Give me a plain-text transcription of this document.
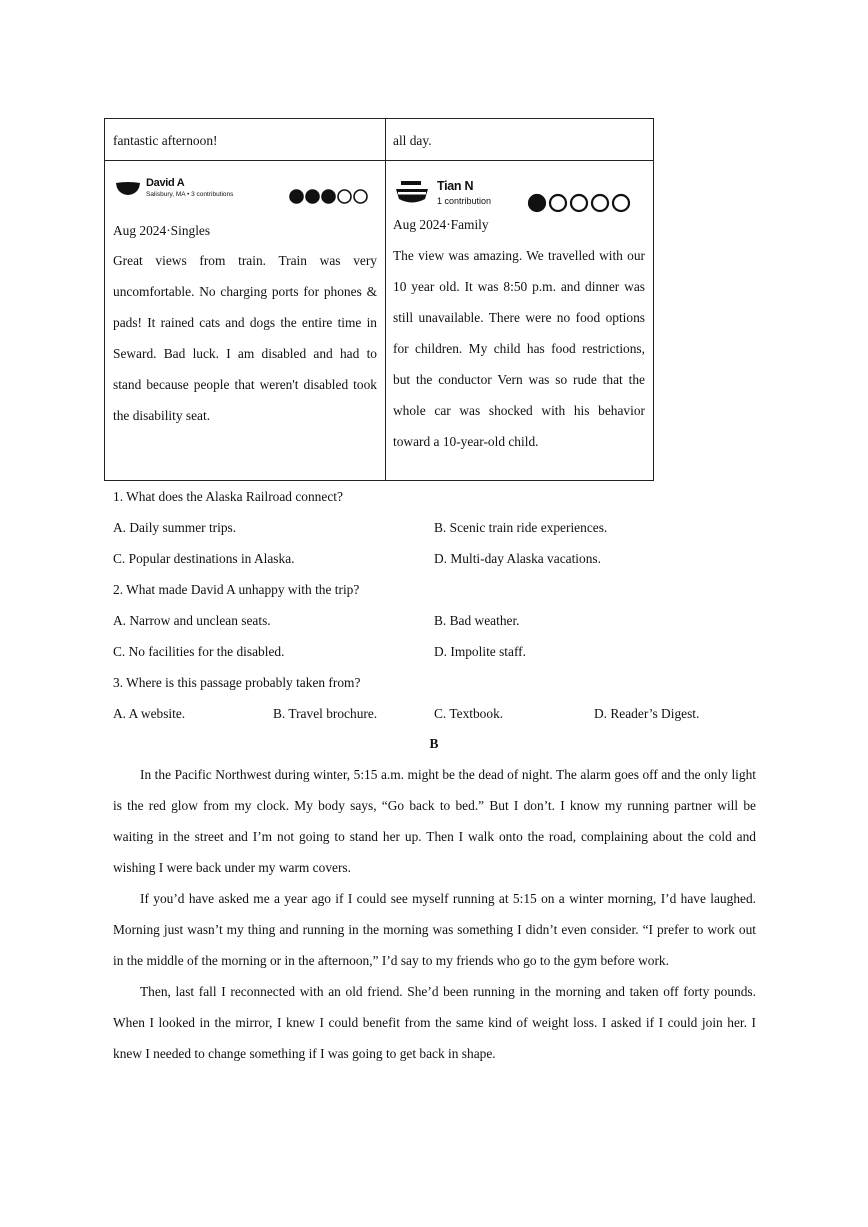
fantastic afternoon!	all day.
David A
Salisbury, MA • 3 contributions
Aug 2024·Singles

Great views from train. Train was very uncomfortable. No charging ports for phones & pads! It rained cats and dogs the entire time in Seward. Bad luck. I am disabled and had to stand because people that weren't disabled took the disability seat.

Tian N
1 contribution
Aug 2024·Family

The view was amazing. We travelled with our 10 year old. It was 8:50 p.m. and dinner was still unavailable. There were no food options for children. My child has food restrictions, but the conductor Vern was so rude that the whole car was shocked with his behavior toward a 10-year-old child.

1. What does the Alaska Railroad connect?
A. Daily summer trips.	B. Scenic train ride experiences.
C. Popular destinations in Alaska.	D. Multi-day Alaska vacations.
2. What made David A unhappy with the trip?
A. Narrow and unclean seats.	B. Bad weather.
C. No facilities for the disabled.	D. Impolite staff.
3. Where is this passage probably taken from?
A. A website.	B. Travel brochure.	C. Textbook.	D. Reader’s Digest.
B

In the Pacific Northwest during winter, 5:15 a.m. might be the dead of night. The alarm goes off and the only light is the red glow from my clock. My body says, “Go back to bed.” But I don’t. I know my running partner will be waiting in the street and I’m not going to stand her up. Then I walk onto the road, complaining about the cold and wishing I were back under my warm covers.

If you’d have asked me a year ago if I could see myself running at 5:15 on a winter morning, I’d have laughed. Morning just wasn’t my thing and running in the morning was something I didn’t even consider. “I prefer to work out in the middle of the morning or in the afternoon,” I’d say to my friends who go to the gym before work.

Then, last fall I reconnected with an old friend. She’d been running in the morning and taken off forty pounds. When I looked in the mirror, I knew I could benefit from the same kind of weight loss. I asked if I could join her. I knew I needed to change something if I was going to get back in shape.
